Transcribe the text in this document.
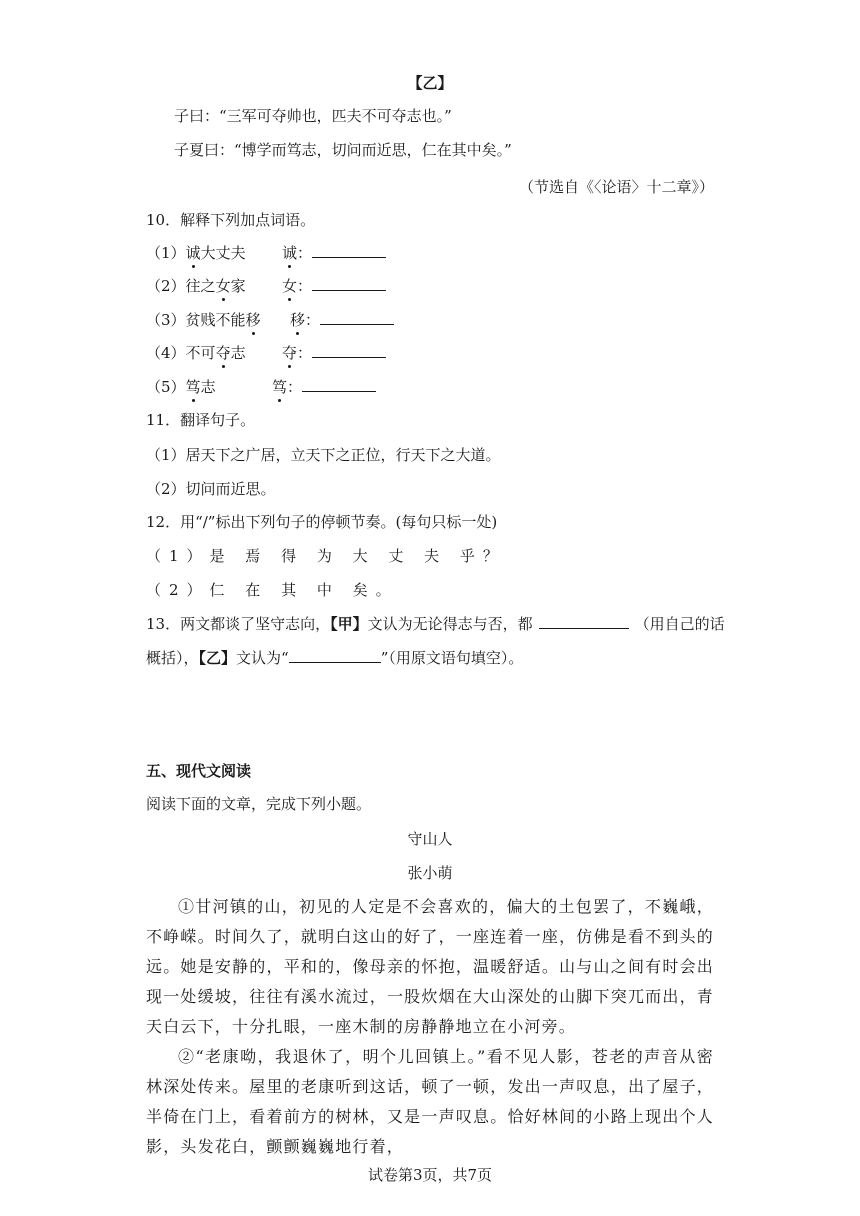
【乙】
子曰：“三军可夺帅也，匹夫不可夺志也。”
子夏曰：“博学而笃志，切问而近思，仁在其中矣。”
（节选自《〈论语〉十二章》）
10．解释下列加点词语。
（1）诚大丈夫 诚：
（2）往之女家 女：
（3）贫贱不能移 移：
（4）不可夺志 夺：
（5）笃志	笃：
11．翻译句子。
（1）居天下之广居，立天下之正位，行天下之大道。
（2）切问而近思。
12．用“/”标出下列句子的停顿节奏。(每句只标一处)
（1）是 焉 得 为 大 丈 夫 乎？
（2）仁 在 其 中 矣。
13．两文都谈了坚守志向，【甲】文认为无论得志与否，都	（用自己的话
概括），【乙】文认为“	”（用原文语句填空）。
五、现代文阅读
阅读下面的文章，完成下列小题。
守山人
张小萌
①甘河镇的山，初见的人定是不会喜欢的，偏大的土包罢了，不巍峨，不峥嵘。时间久了，就明白这山的好了，一座连着一座，仿佛是看不到头的远。她是安静的，平和的，像母亲的怀抱，温暖舒适。山与山之间有时会出现一处缓坡，往往有溪水流过，一股炊烟在大山深处的山脚下突兀而出，青天白云下，十分扎眼，一座木制的房静静地立在小河旁。
②“老康呦，我退休了，明个儿回镇上。”看不见人影，苍老的声音从密林深处传来。屋里的老康听到这话，顿了一顿，发出一声叹息，出了屋子，半倚在门上，看着前方的树林，又是一声叹息。恰好林间的小路上现出个人影，头发花白，颤颤巍巍地行着，
试卷第3页，共7页
